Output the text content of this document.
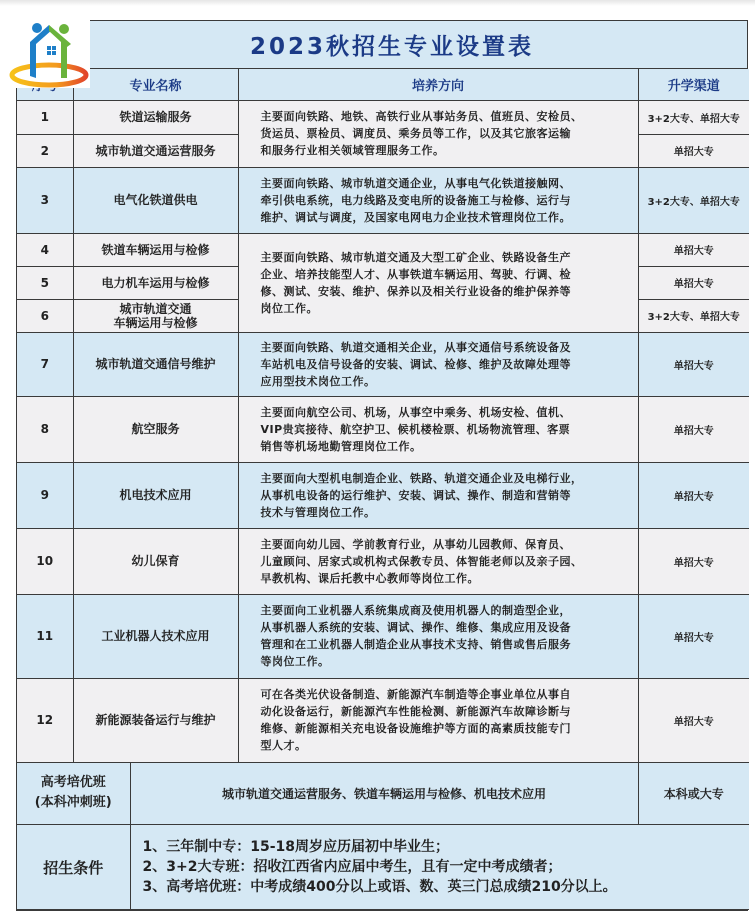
2023秋招生专业设置表
	专业名称	培养方向	升学渠道
1	铁道运输服务	主要面向铁路、地铁、高铁行业从事站务员、值班员、安检员、
货运员、票检员、调度员、乘务员等工作，以及其它旅客运输
和服务行业相关领域管理服务工作。	3+2大专、单招大专
2	城市轨道交通运营服务		单招大专
3	电气化铁道供电	主要面向铁路、城市轨道交通企业，从事电气化铁道接触网、
牵引供电系统，电力线路及变电所的设备施工与检修、运行与
维护、调试与调度，及国家电网电力企业技术管理岗位工作。	3+2大专、单招大专
4	铁道车辆运用与检修	主要面向铁路、城市轨道交通及大型工矿企业、铁路设备生产
企业、培养技能型人才、从事铁道车辆运用、驾驶、行调、检
修、测试、安装、维护、保养以及相关行业设备的维护保养等
岗位工作。	单招大专
5	电力机车运用与检修		单招大专
6	城市轨道交通
车辆运用与检修		3+2大专、单招大专
7	城市轨道交通信号维护	主要面向铁路、轨道交通相关企业，从事交通信号系统设备及
车站机电及信号设备的安装、调试、检修、维护及故障处理等
应用型技术岗位工作。	单招大专
8	航空服务	主要面向航空公司、机场，从事空中乘务、机场安检、值机、
VIP贵宾接待、航空护卫、候机楼检票、机场物流管理、客票
销售等机场地勤管理岗位工作。	单招大专
9	机电技术应用	主要面向大型机电制造企业、铁路、轨道交通企业及电梯行业，
从事机电设备的运行维护、安装、调试、操作、制造和营销等
技术与管理岗位工作。	单招大专
10	幼儿保育	主要面向幼儿园、学前教育行业，从事幼儿园教师、保育员、
儿童顾问、居家式或机构式保教专员、体智能老师以及亲子园、
早教机构、课后托教中心教师等岗位工作。	单招大专
11	工业机器人技术应用	主要面向工业机器人系统集成商及使用机器人的制造型企业，
从事机器人系统的安装、调试、操作、维修、集成应用及设备
管理和在工业机器人制造企业从事技术支持、销售或售后服务
等岗位工作。	单招大专
12	新能源装备运行与维护	可在各类光伏设备制造、新能源汽车制造等企事业单位从事自
动化设备运行，新能源汽车性能检测、新能源汽车故障诊断与
维修、新能源相关充电设备设施维护等方面的高素质技能专门
型人才。	单招大专
高考培优班
(本科冲刺班)	城市轨道交通运营服务、铁道车辆运用与检修、机电技术应用	本科或大专
招生条件	1、三年制中专：15-18周岁应历届初中毕业生；
2、3+2大专班：招收江西省内应届中考生，且有一定中考成绩者；
3、高考培优班：中考成绩400分以上或语、数、英三门总成绩210分以上。	
